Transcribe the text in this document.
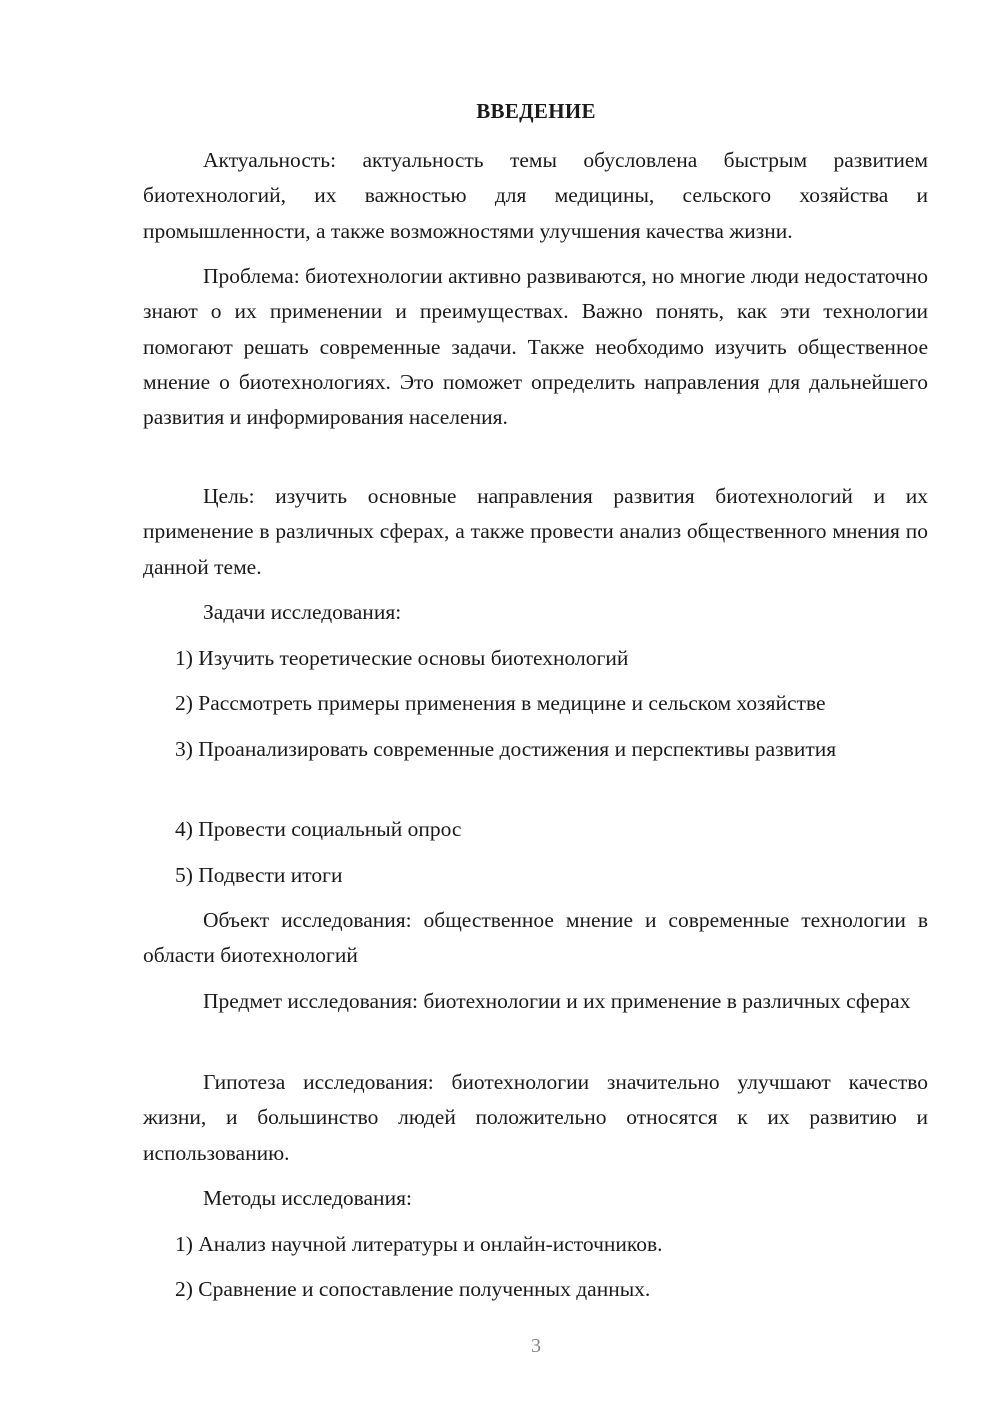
ВВЕДЕНИЕ

Актуальность: актуальность темы обусловлена быстрым развитием биотехнологий, их важностью для медицины, сельского хозяйства и промышленности, а также возможностями улучшения качества жизни.

Проблема: биотехнологии активно развиваются, но многие люди недостаточно знают о их применении и преимуществах. Важно понять, как эти технологии помогают решать современные задачи. Также необходимо изучить общественное мнение о биотехнологиях. Это поможет определить направления для дальнейшего развития и информирования населения.

Цель: изучить основные направления развития биотехнологий и их применение в различных сферах, а также провести анализ общественного мнения по данной теме.

Задачи исследования:

1) Изучить теоретические основы биотехнологий

2) Рассмотреть примеры применения в медицине и сельском хозяйстве

3) Проанализировать современные достижения и перспективы развития

4) Провести социальный опрос

5) Подвести итоги

Объект исследования: общественное мнение и современные технологии в области биотехнологий

Предмет исследования: биотехнологии и их применение в различных сферах

Гипотеза исследования: биотехнологии значительно улучшают качество жизни, и большинство людей положительно относятся к их развитию и использованию.

Методы исследования:

1) Анализ научной литературы и онлайн-источников.

2) Сравнение и сопоставление полученных данных.

3
